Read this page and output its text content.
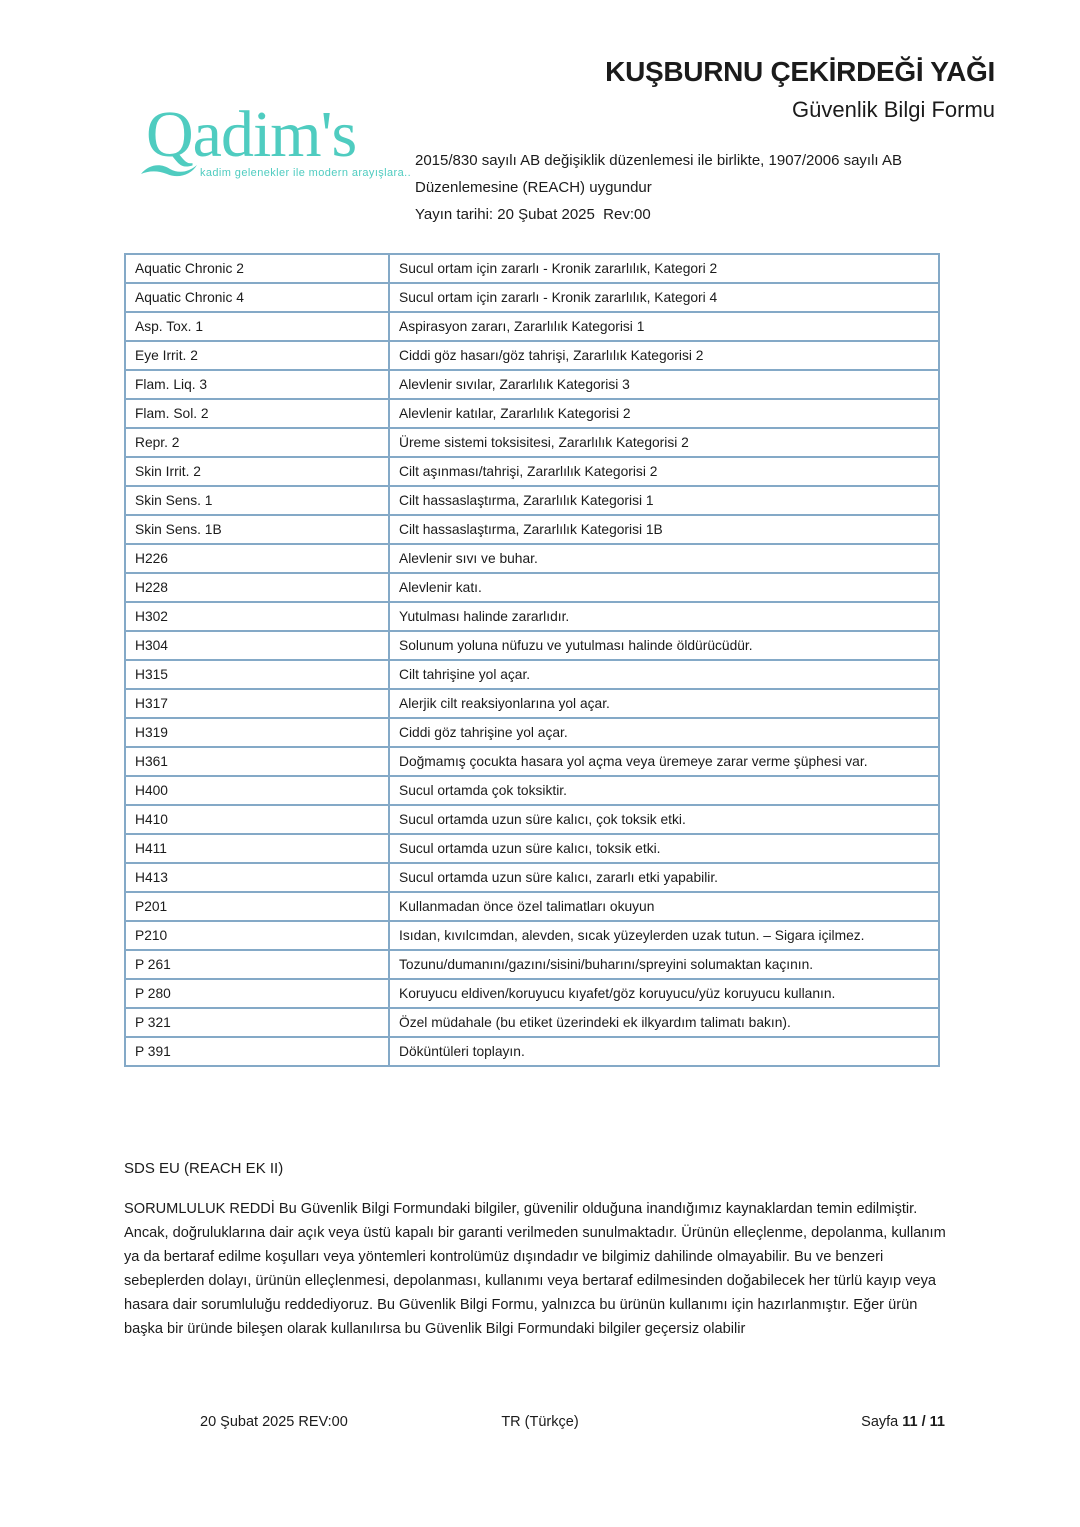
Qadim's
kadim gelenekler ile modern arayışlara..
KUŞBURNU ÇEKİRDEĞİ YAĞI
Güvenlik Bilgi Formu
2015/830 sayılı AB değişiklik düzenlemesi ile birlikte, 1907/2006 sayılı AB
Düzenlemesine (REACH) uygundur
Yayın tarihi: 20 Şubat 2025  Rev:00
Aquatic Chronic 2	Sucul ortam için zararlı - Kronik zararlılık, Kategori 2
Aquatic Chronic 4	Sucul ortam için zararlı - Kronik zararlılık, Kategori 4
Asp. Tox. 1	Aspirasyon zararı, Zararlılık Kategorisi 1
Eye Irrit. 2	Ciddi göz hasarı/göz tahrişi, Zararlılık Kategorisi 2
Flam. Liq. 3	Alevlenir sıvılar, Zararlılık Kategorisi 3
Flam. Sol. 2	Alevlenir katılar, Zararlılık Kategorisi 2
Repr. 2	Üreme sistemi toksisitesi, Zararlılık Kategorisi 2
Skin Irrit. 2	Cilt aşınması/tahrişi, Zararlılık Kategorisi 2
Skin Sens. 1	Cilt hassaslaştırma, Zararlılık Kategorisi 1
Skin Sens. 1B	Cilt hassaslaştırma, Zararlılık Kategorisi 1B
H226	Alevlenir sıvı ve buhar.
H228	Alevlenir katı.
H302	Yutulması halinde zararlıdır.
H304	Solunum yoluna nüfuzu ve yutulması halinde öldürücüdür.
H315	Cilt tahrişine yol açar.
H317	Alerjik cilt reaksiyonlarına yol açar.
H319	Ciddi göz tahrişine yol açar.
H361	Doğmamış çocukta hasara yol açma veya üremeye zarar verme şüphesi var.
H400	Sucul ortamda çok toksiktir.
H410	Sucul ortamda uzun süre kalıcı, çok toksik etki.
H411	Sucul ortamda uzun süre kalıcı, toksik etki.
H413	Sucul ortamda uzun süre kalıcı, zararlı etki yapabilir.
P201	Kullanmadan önce özel talimatları okuyun
P210	Isıdan, kıvılcımdan, alevden, sıcak yüzeylerden uzak tutun. – Sigara içilmez.
P 261	Tozunu/dumanını/gazını/sisini/buharını/spreyini solumaktan kaçının.
P 280	Koruyucu eldiven/koruyucu kıyafet/göz koruyucu/yüz koruyucu kullanın.
P 321	Özel müdahale (bu etiket üzerindeki ek ilkyardım talimatı bakın).
P 391	Döküntüleri toplayın.
SDS EU (REACH EK II)
SORUMLULUK REDDİ Bu Güvenlik Bilgi Formundaki bilgiler, güvenilir olduğuna inandığımız kaynaklardan temin edilmiştir. Ancak, doğruluklarına dair açık veya üstü kapalı bir garanti verilmeden sunulmaktadır. Ürünün elleçlenme, depolanma, kullanım ya da bertaraf edilme koşulları veya yöntemleri kontrolümüz dışındadır ve bilgimiz dahilinde olmayabilir. Bu ve benzeri sebeplerden dolayı, ürünün elleçlenmesi, depolanması, kullanımı veya bertaraf edilmesinden doğabilecek her türlü kayıp veya hasara dair sorumluluğu reddediyoruz. Bu Güvenlik Bilgi Formu, yalnızca bu ürünün kullanımı için hazırlanmıştır. Eğer ürün başka bir üründe bileşen olarak kullanılırsa bu Güvenlik Bilgi Formundaki bilgiler geçersiz olabilir
20 Şubat 2025 REV:00	TR (Türkçe)	Sayfa 11 / 11
